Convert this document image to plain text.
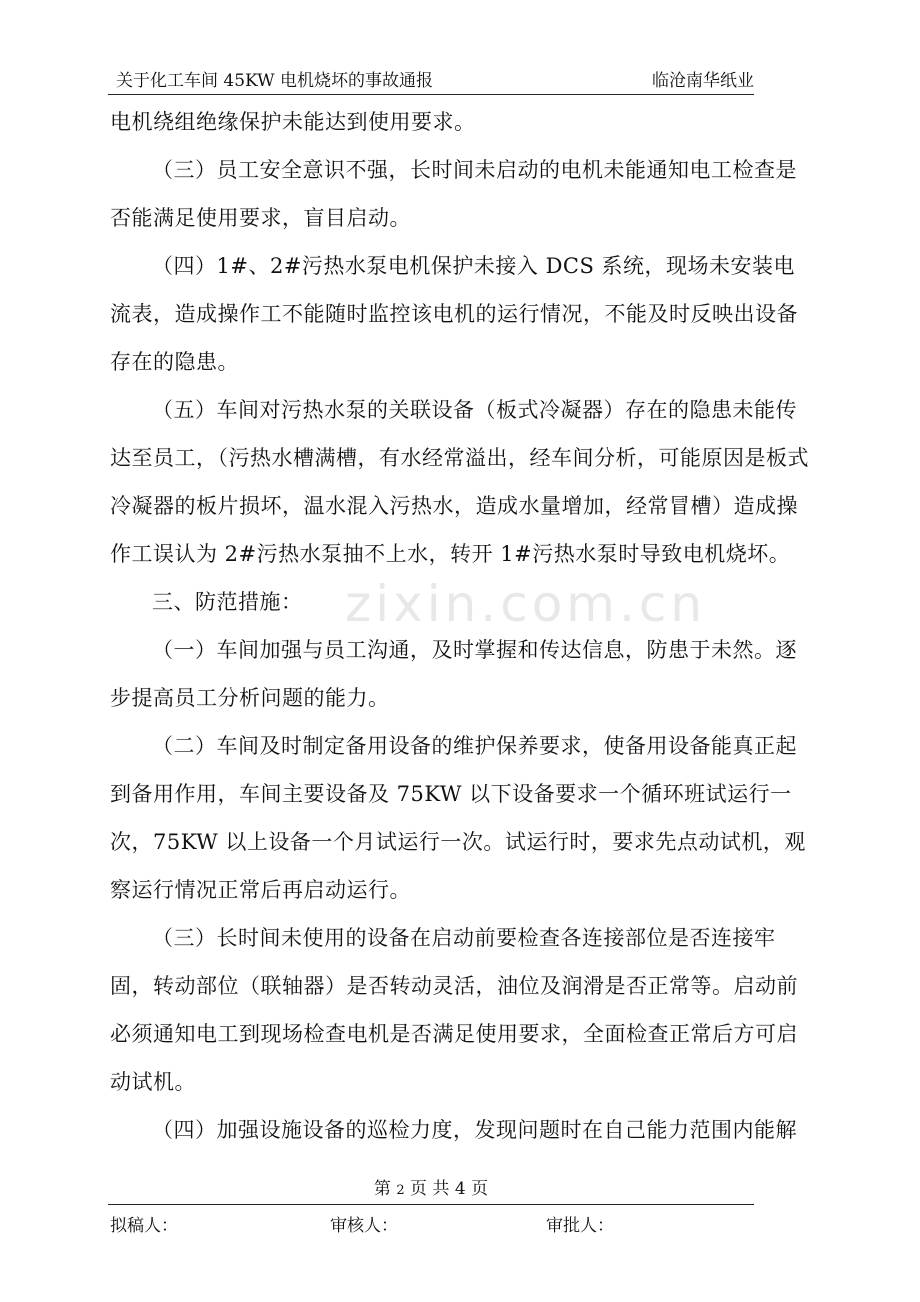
关于化工车间 45KW 电机烧坏的事故通报	临沧南华纸业

电机绕组绝缘保护未能达到使用要求。

（三）员工安全意识不强，长时间未启动的电机未能通知电工检查是否能满足使用要求，盲目启动。

（四）1#、2#污热水泵电机保护未接入 DCS 系统，现场未安装电流表，造成操作工不能随时监控该电机的运行情况，不能及时反映出设备存在的隐患。

（五）车间对污热水泵的关联设备（板式冷凝器）存在的隐患未能传达至员工，（污热水槽满槽，有水经常溢出，经车间分析，可能原因是板式冷凝器的板片损坏，温水混入污热水，造成水量增加，经常冒槽）造成操作工误认为 2#污热水泵抽不上水，转开 1#污热水泵时导致电机烧坏。

三、防范措施：

（一）车间加强与员工沟通，及时掌握和传达信息，防患于未然。逐步提高员工分析问题的能力。

（二）车间及时制定备用设备的维护保养要求，使备用设备能真正起到备用作用，车间主要设备及 75KW 以下设备要求一个循环班试运行一次，75KW 以上设备一个月试运行一次。试运行时，要求先点动试机，观察运行情况正常后再启动运行。

（三）长时间未使用的设备在启动前要检查各连接部位是否连接牢固，转动部位（联轴器）是否转动灵活，油位及润滑是否正常等。启动前必须通知电工到现场检查电机是否满足使用要求，全面检查正常后方可启动试机。

（四）加强设施设备的巡检力度，发现问题时在自己能力范围内能解

zixin.com.cn
第 2 页 共 4 页
拟稿人：	审核人：	审批人：
